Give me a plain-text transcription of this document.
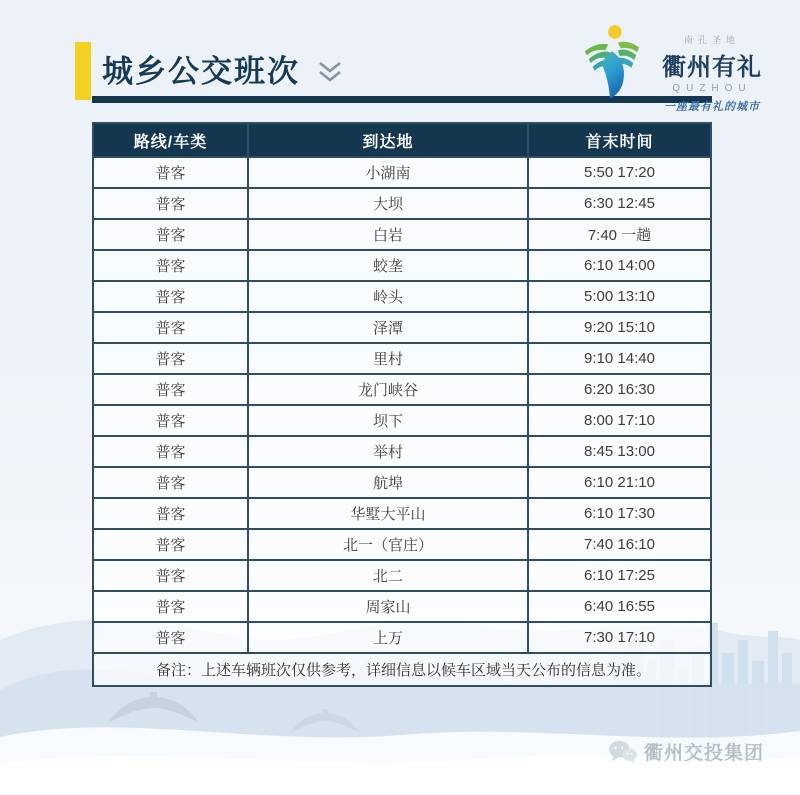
城乡公交班次
南孔圣地
衢州有礼
QUZHOU
一座最有礼的城市
路线/车类	到达地	首末时间
普客	小湖南	5:50 17:20
普客	大坝	6:30 12:45
普客	白岩	7:40 一趟
普客	蛟垄	6:10 14:00
普客	岭头	5:00 13:10
普客	泽潭	9:20 15:10
普客	里村	9:10 14:40
普客	龙门峡谷	6:20 16:30
普客	坝下	8:00 17:10
普客	举村	8:45 13:00
普客	航埠	6:10 21:10
普客	华墅大平山	6:10 17:30
普客	北一（官庄）	7:40 16:10
普客	北二	6:10 17:25
普客	周家山	6:40 16:55
普客	上万	7:30 17:10
备注：上述车辆班次仅供参考，详细信息以候车区域当天公布的信息为准。		
衢州交投集团
